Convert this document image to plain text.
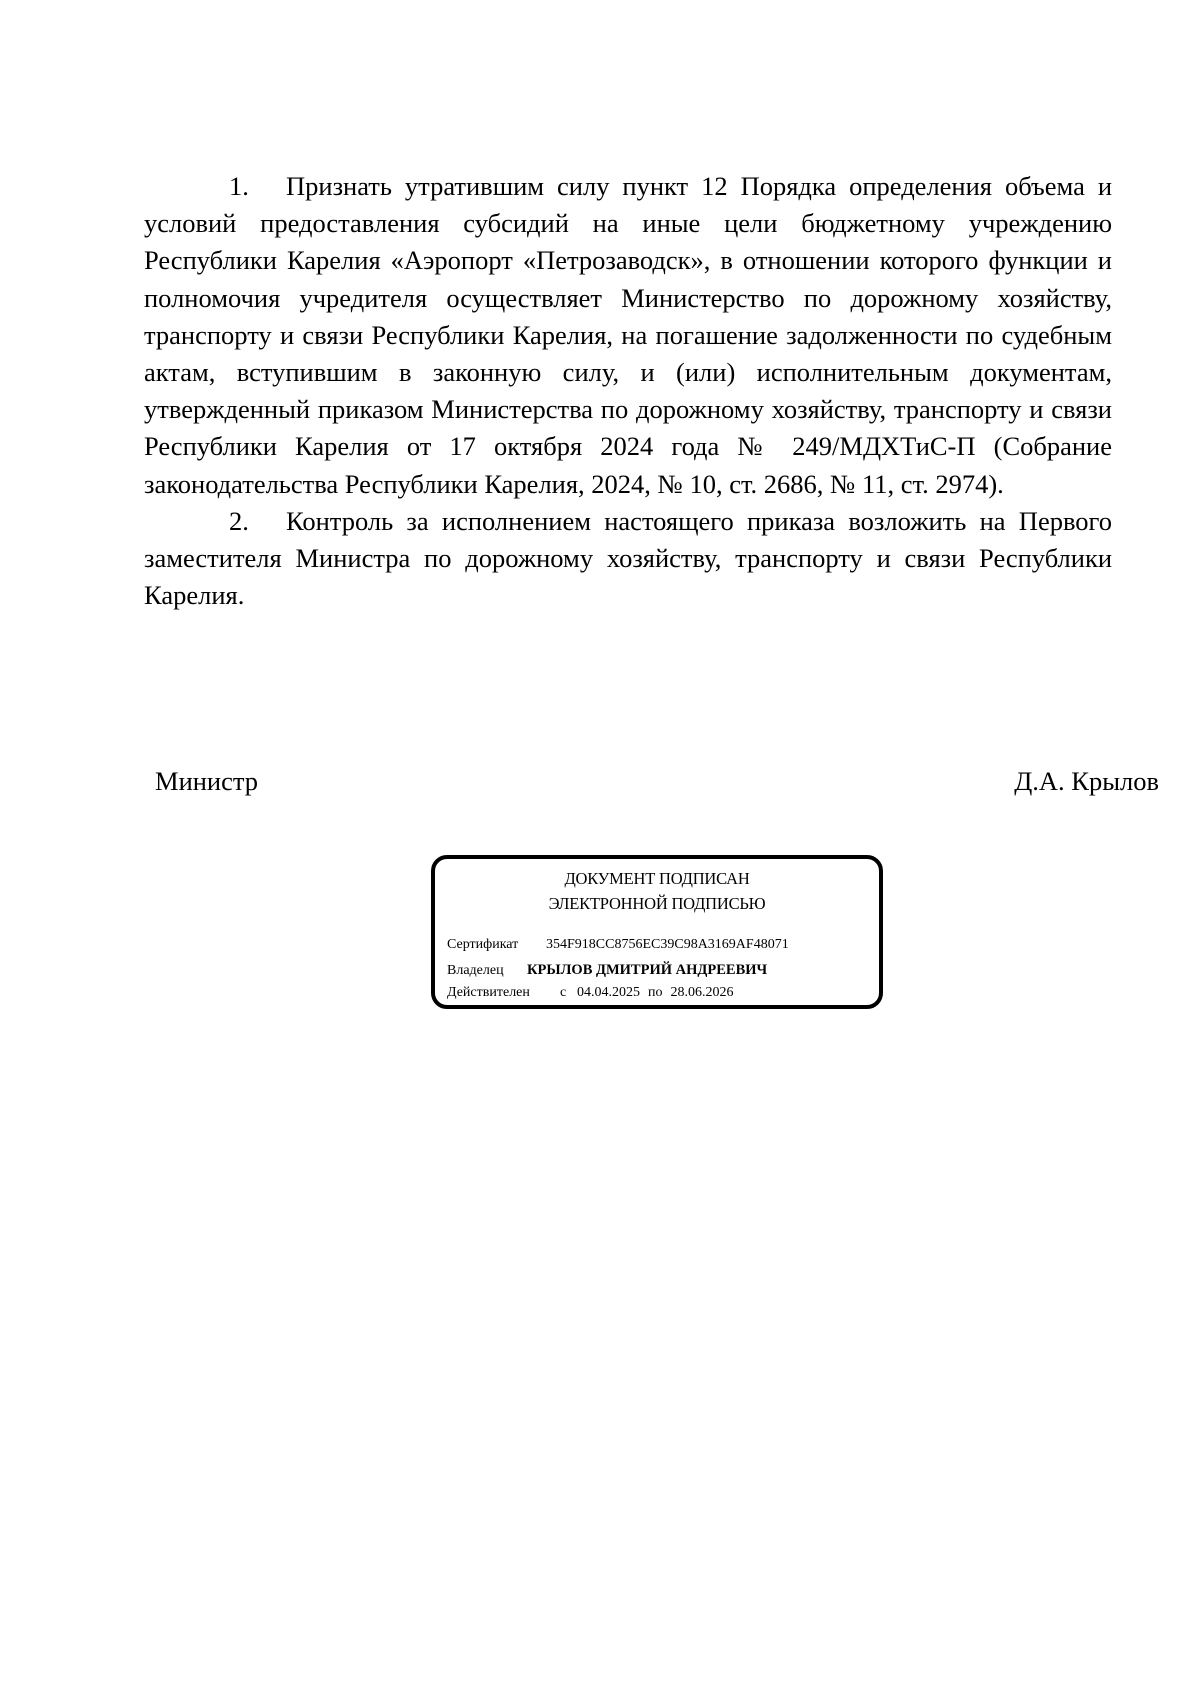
1. Признать утратившим силу пункт 12 Порядка определения объема и условий предоставления субсидий на иные цели бюджетному учреждению Республики Карелия «Аэропорт «Петрозаводск», в отношении которого функции и полномочия учредителя осуществляет Министерство по дорожному хозяйству, транспорту и связи Республики Карелия, на погашение задолженности по судебным актам, вступившим в законную силу, и (или) исполнительным документам, утвержденный приказом Министерства по дорожному хозяйству, транспорту и связи Республики Карелия от 17 октября 2024 года № 249/МДХТиС-П (Собрание законодательства Республики Карелия, 2024, № 10, ст. 2686, № 11, ст. 2974).

2. Контроль за исполнением настоящего приказа возложить на Первого заместителя Министра по дорожному хозяйству, транспорту и связи Республики Карелия.

Министр	Д.А. Крылов
ДОКУМЕНТ ПОДПИСАН
ЭЛЕКТРОННОЙ ПОДПИСЬЮ
Сертификат 354F918CC8756EC39C98A3169AF48071
Владелец КРЫЛОВ ДМИТРИЙ АНДРЕЕВИЧ
Действителен с 04.04.2025 по 28.06.2026
